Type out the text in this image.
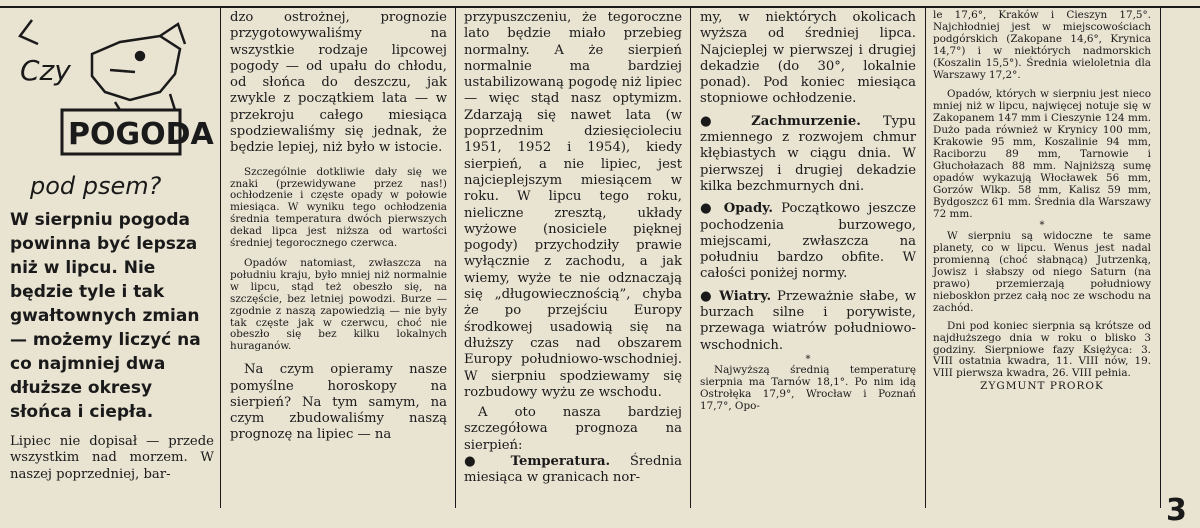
Czy
POGODA
pod psem?

W sierpniu pogoda powinna być lepsza niż w lipcu. Nie będzie tyle i tak gwałtownych zmian — możemy liczyć na co najmniej dwa dłuższe okresy słońca i ciepła.

Lipiec nie dopisał — przede wszystkim nad morzem. W naszej poprzedniej, bar-

dzo ostrożnej, prognozie przygotowywaliśmy na wszystkie rodzaje lipcowej pogody — od upału do chłodu, od słońca do deszczu, jak zwykle z początkiem lata — w przekroju całego miesiąca spodziewaliśmy się jednak, że będzie lepiej, niż było w istocie.

Szczególnie dotkliwie dały się we znaki (przewidywane przez nas!) ochłodzenie i częste opady w połowie miesiąca. W wyniku tego ochłodzenia średnia temperatura dwóch pierwszych dekad lipca jest niższa od wartości średniej tegorocznego czerwca.

Opadów natomiast, zwłaszcza na południu kraju, było mniej niż normalnie w lipcu, stąd też obeszło się, na szczęście, bez letniej powodzi. Burze — zgodnie z naszą zapowiedzią — nie były tak częste jak w czerwcu, choć nie obeszło się bez kilku lokalnych huraganów.

Na czym opieramy nasze pomyślne horoskopy na sierpień? Na tym samym, na czym zbudowaliśmy naszą prognozę na lipiec — na

przypuszczeniu, że tegoroczne lato będzie miało przebieg normalny. A że sierpień normalnie ma bardziej ustabilizowaną pogodę niż lipiec — więc stąd nasz optymizm. Zdarzają się nawet lata (w poprzednim dziesięcioleciu 1951, 1952 i 1954), kiedy sierpień, a nie lipiec, jest najcieplejszym miesiącem w roku. W lipcu tego roku, nieliczne zresztą, układy wyżowe (nosiciele pięknej pogody) przychodziły prawie wyłącznie z zachodu, a jak wiemy, wyże te nie odznaczają się „długowiecznością”, chyba że po przejściu Europy środkowej usadowią się na dłuższy czas nad obszarem Europy południowo-wschodniej. W sierpniu spodziewamy się rozbudowy wyżu ze wschodu.

A oto nasza bardziej szczegółowa prognoza na sierpień:

● Temperatura. Średnia miesiąca w granicach nor-

my, w niektórych okolicach wyższa od średniej lipca. Najcieplej w pierwszej i drugiej dekadzie (do 30°, lokalnie ponad). Pod koniec miesiąca stopniowe ochłodzenie.

● Zachmurzenie. Typu zmiennego z rozwojem chmur kłębiastych w ciągu dnia. W pierwszej i drugiej dekadzie kilka bezchmurnych dni.

● Opady. Początkowo jeszcze pochodzenia burzowego, miejscami, zwłaszcza na południu bardzo obfite. W całości poniżej normy.

● Wiatry. Przeważnie słabe, w burzach silne i porywiste, przewaga wiatrów południowo-wschodnich.

*

Najwyższą średnią temperaturę sierpnia ma Tarnów 18,1°. Po nim idą Ostrołęka 17,9°, Wrocław i Poznań 17,7°, Opo-

le 17,6°, Kraków i Cieszyn 17,5°. Najchłodniej jest w miejscowościach podgórskich (Zakopane 14,6°, Krynica 14,7°) i w niektórych nadmorskich (Koszalin 15,5°). Średnia wieloletnia dla Warszawy 17,2°.

Opadów, których w sierpniu jest nieco mniej niż w lipcu, najwięcej notuje się w Zakopanem 147 mm i Cieszynie 124 mm. Dużo pada również w Krynicy 100 mm, Krakowie 95 mm, Koszalinie 94 mm, Raciborzu 89 mm, Tarnowie i Głuchołazach 88 mm. Najniższą sumę opadów wykazują Włocławek 56 mm, Gorzów Wlkp. 58 mm, Kalisz 59 mm, Bydgoszcz 61 mm. Średnia dla Warszawy 72 mm.

*

W sierpniu są widoczne te same planety, co w lipcu. Wenus jest nadal promienną (choć słabnącą) Jutrzenką, Jowisz i słabszy od niego Saturn (na prawo) przemierzają południowy nieboskłon przez całą noc ze wschodu na zachód.

Dni pod koniec sierpnia są krótsze od najdłuższego dnia w roku o blisko 3 godziny. Sierpniowe fazy Księżyca: 3. VIII ostatnia kwadra, 11. VIII nów, 19. VIII pierwsza kwadra, 26. VIII pełnia.

ZYGMUNT PROROK

3
